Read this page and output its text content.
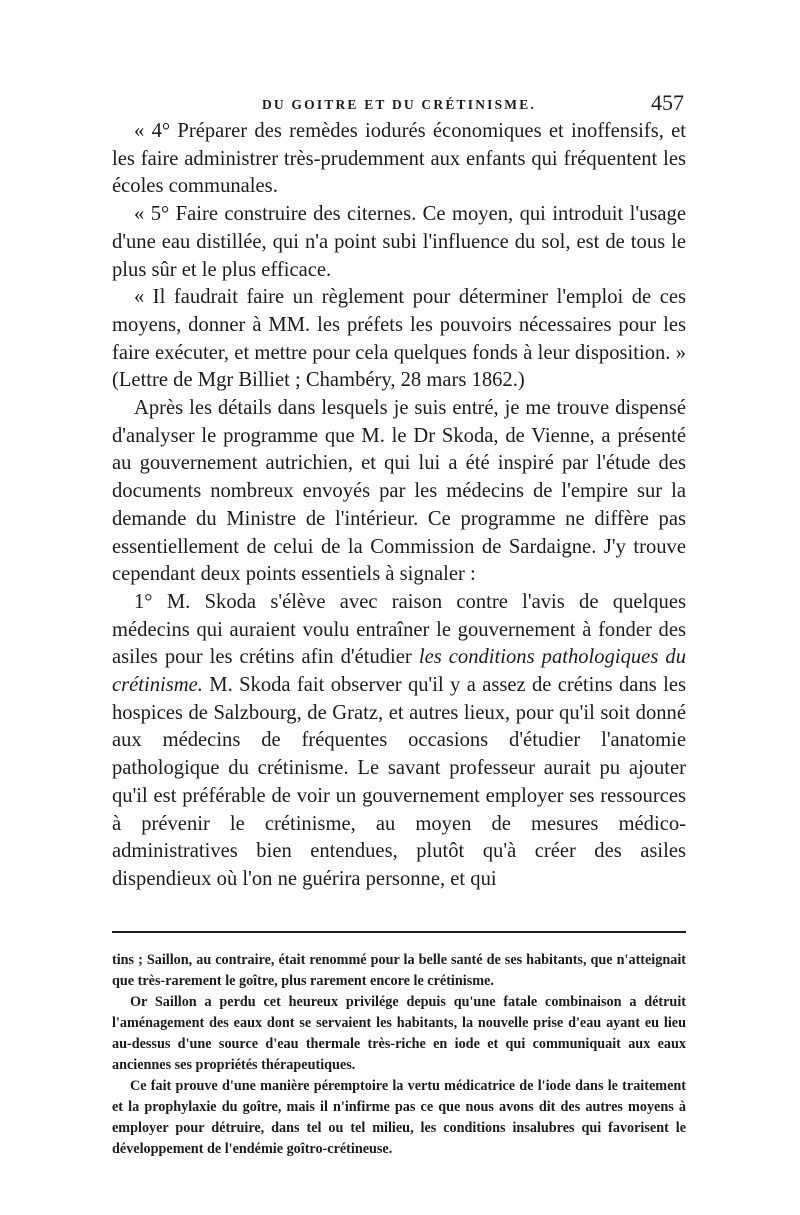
DU GOITRE ET DU CRÉTINISME.	457

« 4° Préparer des remèdes iodurés économiques et inoffensifs, et les faire administrer très-prudemment aux enfants qui fréquentent les écoles communales.

« 5° Faire construire des citernes. Ce moyen, qui introduit l'usage d'une eau distillée, qui n'a point subi l'influence du sol, est de tous le plus sûr et le plus efficace.

« Il faudrait faire un règlement pour déterminer l'emploi de ces moyens, donner à MM. les préfets les pouvoirs nécessaires pour les faire exécuter, et mettre pour cela quelques fonds à leur disposition. » (Lettre de Mgr Billiet ; Chambéry, 28 mars 1862.)

Après les détails dans lesquels je suis entré, je me trouve dispensé d'analyser le programme que M. le Dr Skoda, de Vienne, a présenté au gouvernement autrichien, et qui lui a été inspiré par l'étude des documents nombreux envoyés par les médecins de l'empire sur la demande du Ministre de l'intérieur. Ce programme ne diffère pas essentiellement de celui de la Commission de Sardaigne. J'y trouve cependant deux points essentiels à signaler :

1° M. Skoda s'élève avec raison contre l'avis de quelques médecins qui auraient voulu entraîner le gouvernement à fonder des asiles pour les crétins afin d'étudier les conditions pathologiques du crétinisme. M. Skoda fait observer qu'il y a assez de crétins dans les hospices de Salzbourg, de Gratz, et autres lieux, pour qu'il soit donné aux médecins de fréquentes occasions d'étudier l'anatomie pathologique du crétinisme. Le savant professeur aurait pu ajouter qu'il est préférable de voir un gouvernement employer ses ressources à prévenir le crétinisme, au moyen de mesures médico-administratives bien entendues, plutôt qu'à créer des asiles dispendieux où l'on ne guérira personne, et qui

tins ; Saillon, au contraire, était renommé pour la belle santé de ses habitants, que n'atteignait que très-rarement le goître, plus rarement encore le crétinisme.

Or Saillon a perdu cet heureux privilége depuis qu'une fatale combinaison a détruit l'aménagement des eaux dont se servaient les habitants, la nouvelle prise d'eau ayant eu lieu au-dessus d'une source d'eau thermale très-riche en iode et qui communiquait aux eaux anciennes ses propriétés thérapeutiques.

Ce fait prouve d'une manière péremptoire la vertu médicatrice de l'iode dans le traitement et la prophylaxie du goître, mais il n'infirme pas ce que nous avons dit des autres moyens à employer pour détruire, dans tel ou tel milieu, les conditions insalubres qui favorisent le développement de l'endémie goîtro-crétineuse.
